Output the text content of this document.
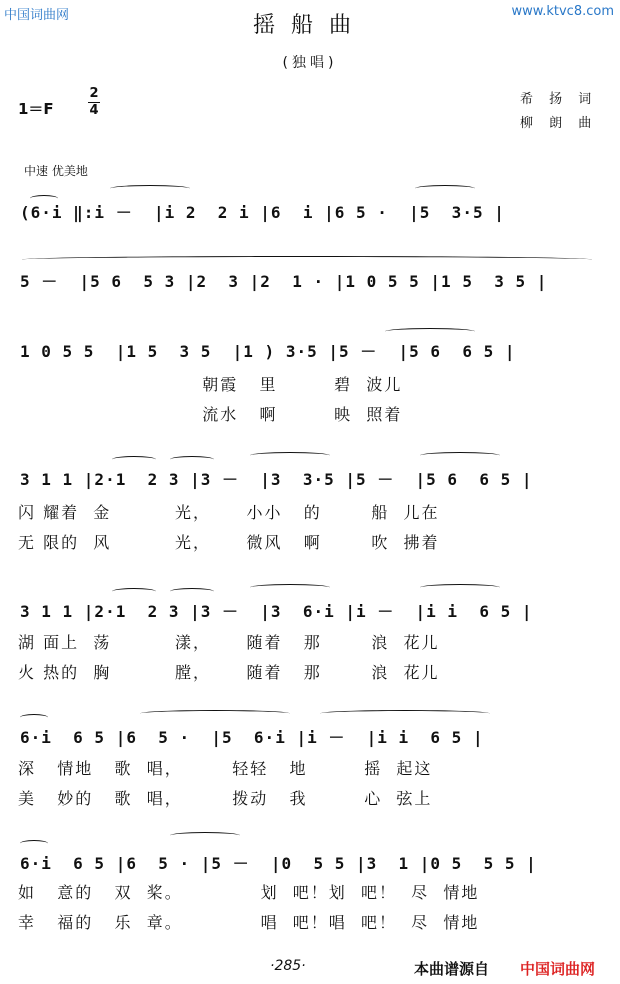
中国词曲网	www.ktvc8.com
摇船曲
(独唱)
1＝F
2
4
希 扬 词
柳 朗 曲
中速 优美地
(6·i ‖:i －  |i 2  2 i |6  i |6 5 ·  |5  3·5 |
5 －  |5 6  5 3 |2  3 |2  1 · |1 0 5 5 |1 5  3 5 |
1 0 5 5  |1 5  3 5  |1 ) 3·5 |5 －  |5 6  6 5 |
朝霞   里        碧  波儿
流水   啊        映  照着
3 1 1 |2·1  2 3 |3 －  |3  3·5 |5 －  |5 6  6 5 |
闪 耀着  金         光，     小小   的       船  儿在
无 限的  风         光，     微风   啊       吹  拂着
3 1 1 |2·1  2 3 |3 －  |3  6·i |i －  |i i  6 5 |
湖 面上  荡         漾，     随着   那       浪  花儿
火 热的  胸         膛，     随着   那       浪  花儿
6·i  6 5 |6  5 ·  |5  6·i |i －  |i i  6 5 |
深   情地   歌  唱，       轻轻   地        摇  起这
美   妙的   歌  唱，       拨动   我        心  弦上
6·i  6 5 |6  5 · |5 －  |0  5 5 |3  1 |0 5  5 5 |
如   意的   双  桨。           划  吧！划  吧！  尽  情地
幸   福的   乐  章。           唱  吧！唱  吧！  尽  情地
·285·	本曲谱源自 中国词曲网
